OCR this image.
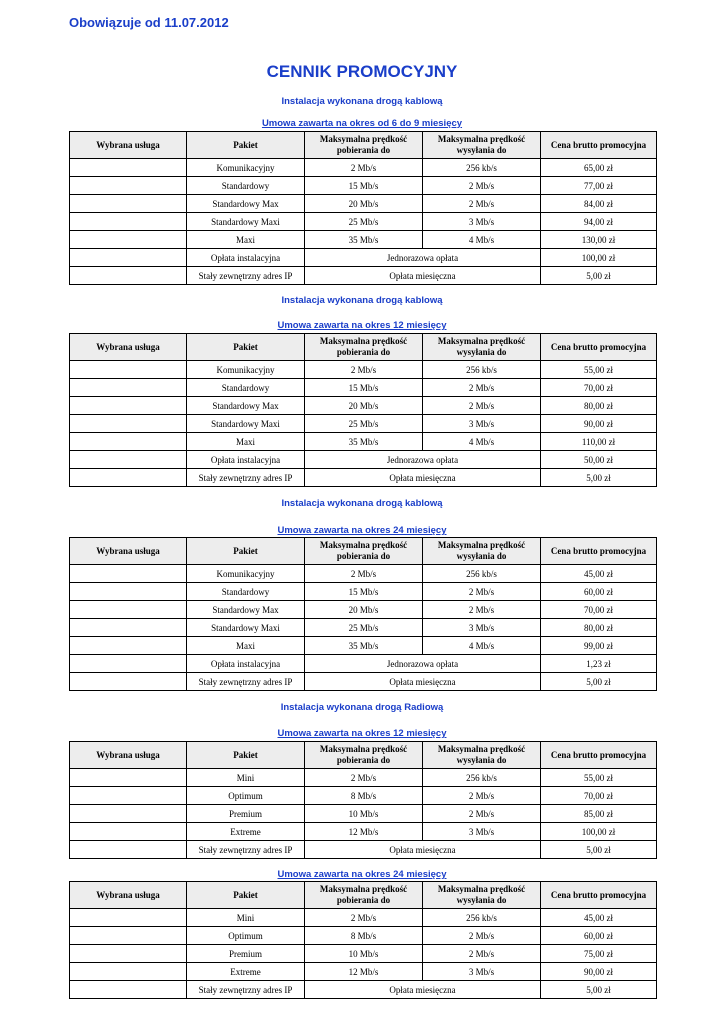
Obowiązuje od 11.07.2012
CENNIK PROMOCYJNY
Instalacja wykonana drogą kablową
Umowa zawarta na okres od 6 do 9 miesięcy
Wybrana usługa	Pakiet	Maksymalna prędkość pobierania do	Maksymalna prędkość wysyłania do	Cena brutto promocyjna
	Komunikacyjny	2 Mb/s	256 kb/s	65,00 zł
	Standardowy	15 Mb/s	2 Mb/s	77,00 zł
	Standardowy Max	20 Mb/s	2 Mb/s	84,00 zł
	Standardowy Maxi	25 Mb/s	3 Mb/s	94,00 zł
	Maxi	35 Mb/s	4 Mb/s	130,00 zł
	Opłata instalacyjna	Jednorazowa opłata		100,00 zł
	Stały zewnętrzny adres IP	Opłata miesięczna		5,00 zł
Instalacja wykonana drogą kablową
Umowa zawarta na okres 12 miesięcy
Wybrana usługa	Pakiet	Maksymalna prędkość pobierania do	Maksymalna prędkość wysyłania do	Cena brutto promocyjna
	Komunikacyjny	2 Mb/s	256 kb/s	55,00 zł
	Standardowy	15 Mb/s	2 Mb/s	70,00 zł
	Standardowy Max	20 Mb/s	2 Mb/s	80,00 zł
	Standardowy Maxi	25 Mb/s	3 Mb/s	90,00 zł
	Maxi	35 Mb/s	4 Mb/s	110,00 zł
	Opłata instalacyjna	Jednorazowa opłata		50,00 zł
	Stały zewnętrzny adres IP	Opłata miesięczna		5,00 zł
Instalacja wykonana drogą kablową
Umowa zawarta na okres 24 miesięcy
Wybrana usługa	Pakiet	Maksymalna prędkość pobierania do	Maksymalna prędkość wysyłania do	Cena brutto promocyjna
	Komunikacyjny	2 Mb/s	256 kb/s	45,00 zł
	Standardowy	15 Mb/s	2 Mb/s	60,00 zł
	Standardowy Max	20 Mb/s	2 Mb/s	70,00 zł
	Standardowy Maxi	25 Mb/s	3 Mb/s	80,00 zł
	Maxi	35 Mb/s	4 Mb/s	99,00 zł
	Opłata instalacyjna	Jednorazowa opłata		1,23 zł
	Stały zewnętrzny adres IP	Opłata miesięczna		5,00 zł
Instalacja wykonana drogą Radiową
Umowa zawarta na okres 12 miesięcy
Wybrana usługa	Pakiet	Maksymalna prędkość pobierania do	Maksymalna prędkość wysyłania do	Cena brutto promocyjna
	Mini	2 Mb/s	256 kb/s	55,00 zł
	Optimum	8 Mb/s	2 Mb/s	70,00 zł
	Premium	10 Mb/s	2 Mb/s	85,00 zł
	Extreme	12 Mb/s	3 Mb/s	100,00 zł
	Stały zewnętrzny adres IP	Opłata miesięczna		5,00 zł
Umowa zawarta na okres 24 miesięcy
Wybrana usługa	Pakiet	Maksymalna prędkość pobierania do	Maksymalna prędkość wysyłania do	Cena brutto promocyjna
	Mini	2 Mb/s	256 kb/s	45,00 zł
	Optimum	8 Mb/s	2 Mb/s	60,00 zł
	Premium	10 Mb/s	2 Mb/s	75,00 zł
	Extreme	12 Mb/s	3 Mb/s	90,00 zł
	Stały zewnętrzny adres IP	Opłata miesięczna		5,00 zł
